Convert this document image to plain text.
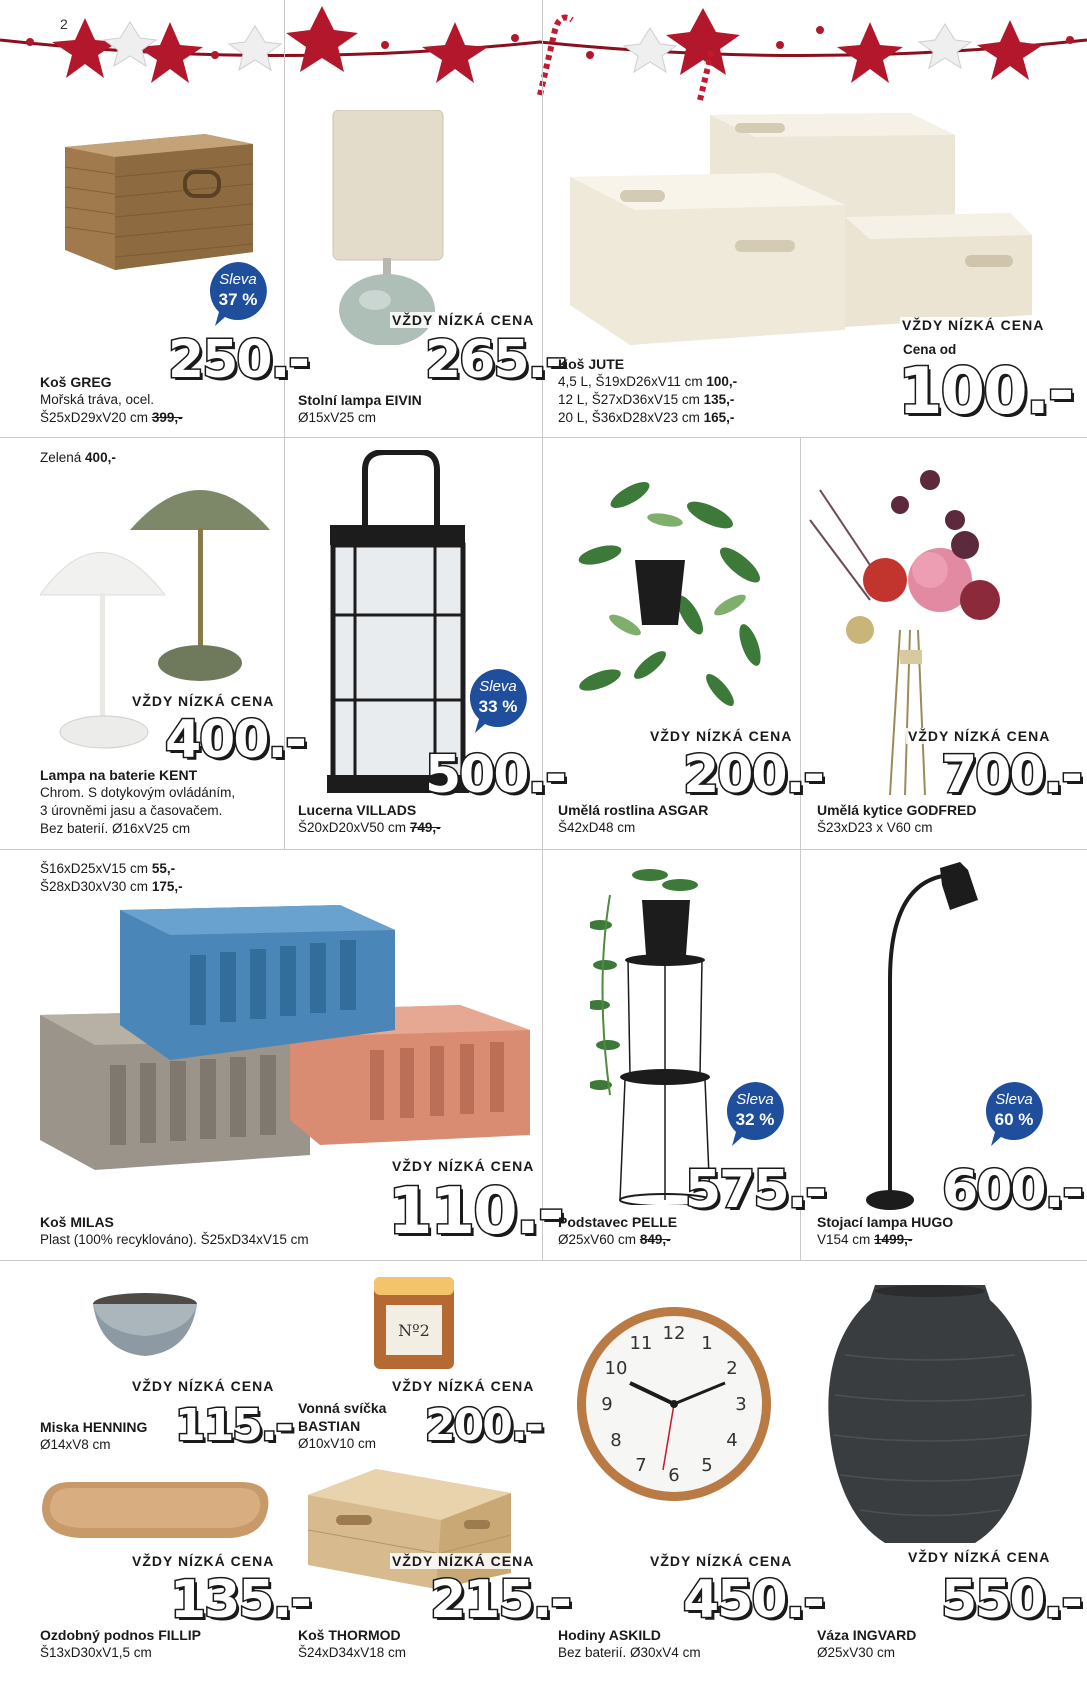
2
Sleva
37 %
250.-
Koš GREG
Mořská tráva, ocel.
Š25xD29xV20 cm 399,-
VŽDY NÍZKÁ CENA
265.-
Stolní lampa EIVIN
Ø15xV25 cm
VŽDY NÍZKÁ CENA
Cena od
100.-
Koš JUTE
4,5 L, Š19xD26xV11 cm 100,-
12 L, Š27xD36xV15 cm 135,-
20 L, Š36xD28xV23 cm 165,-
Zelená 400,-
VŽDY NÍZKÁ CENA
400.-
Lampa na baterie KENT
Chrom. S dotykovým ovládáním,
3 úrovněmi jasu a časovačem.
Bez baterií. Ø16xV25 cm
Sleva
33 %
500.-
Lucerna VILLADS
Š20xD20xV50 cm 749,-
VŽDY NÍZKÁ CENA
200.-
Umělá rostlina ASGAR
Š42xD48 cm
VŽDY NÍZKÁ CENA
700.-
Umělá kytice GODFRED
Š23xD23 x V60 cm
Š16xD25xV15 cm 55,-
Š28xD30xV30 cm 175,-
VŽDY NÍZKÁ CENA
110.-
Koš MILAS
Plast (100% recyklováno). Š25xD34xV15 cm
Sleva
32 %
575.-
Podstavec PELLE
Ø25xV60 cm 849,-
Sleva
60 %
600.-
Stojací lampa HUGO
V154 cm 1499,-
VŽDY NÍZKÁ CENA
115.-
Miska HENNING
Ø14xV8 cm
Nº2
VŽDY NÍZKÁ CENA
200.-
Vonná svíčka
BASTIAN
Ø10xV10 cm
12 1
2
3
4
5
6
7
8
9
10
11
VŽDY NÍZKÁ CENA
450.-
Hodiny ASKILD
Bez baterií. Ø30xV4 cm
VŽDY NÍZKÁ CENA
550.-
Váza INGVARD
Ø25xV30 cm
VŽDY NÍZKÁ CENA
135.-
Ozdobný podnos FILLIP
Š13xD30xV1,5 cm
VŽDY NÍZKÁ CENA
215.-
Koš THORMOD
Š24xD34xV18 cm
